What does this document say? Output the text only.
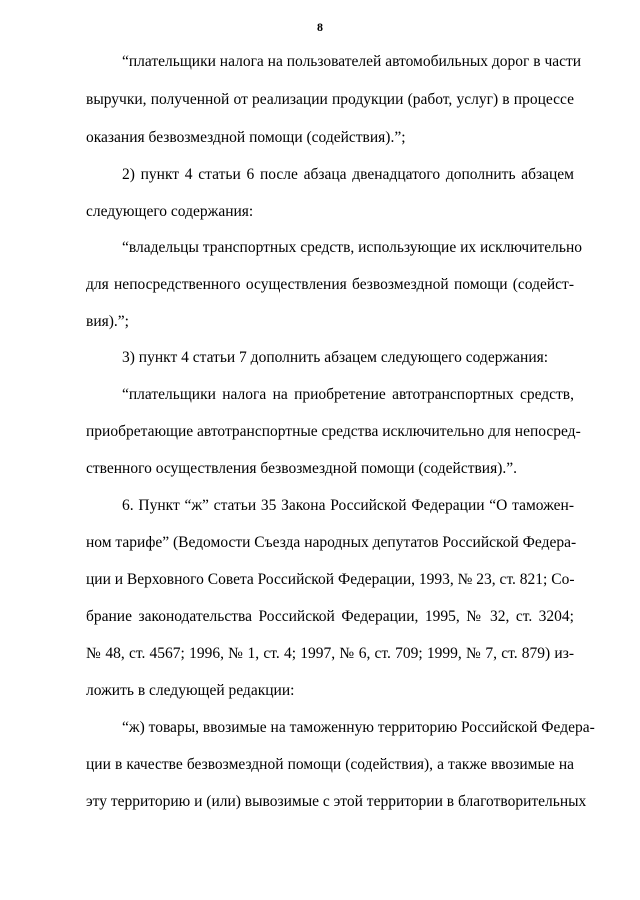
8
“плательщики налога на пользователей автомобильных дорог в части
выручки, полученной от реализации продукции (работ, услуг) в процессе
оказания безвозмездной помощи (содействия).”;
2) пункт 4 статьи 6 после абзаца двенадцатого дополнить абзацем
следующего содержания:
“владельцы транспортных средств, использующие их исключительно
для непосредственного осуществления безвозмездной помощи (содейст-
вия).”;
3) пункт 4 статьи 7 дополнить абзацем следующего содержания:
“плательщики налога на приобретение автотранспортных средств,
приобретающие автотранспортные средства исключительно для непосред-
ственного осуществления безвозмездной помощи (содействия).”.
6. Пункт “ж” статьи 35 Закона Российской Федерации “О таможен-
ном тарифе” (Ведомости Съезда народных депутатов Российской Федера-
ции и Верховного Совета Российской Федерации, 1993, № 23, ст. 821; Со-
брание законодательства Российской Федерации, 1995, № 32, ст. 3204;
№ 48, ст. 4567; 1996, № 1, ст. 4; 1997, № 6, ст. 709; 1999, № 7, ст. 879) из-
ложить в следующей редакции:
“ж) товары, ввозимые на таможенную территорию Российской Федера-
ции в качестве безвозмездной помощи (содействия), а также ввозимые на
эту территорию и (или) вывозимые с этой территории в благотворительных
